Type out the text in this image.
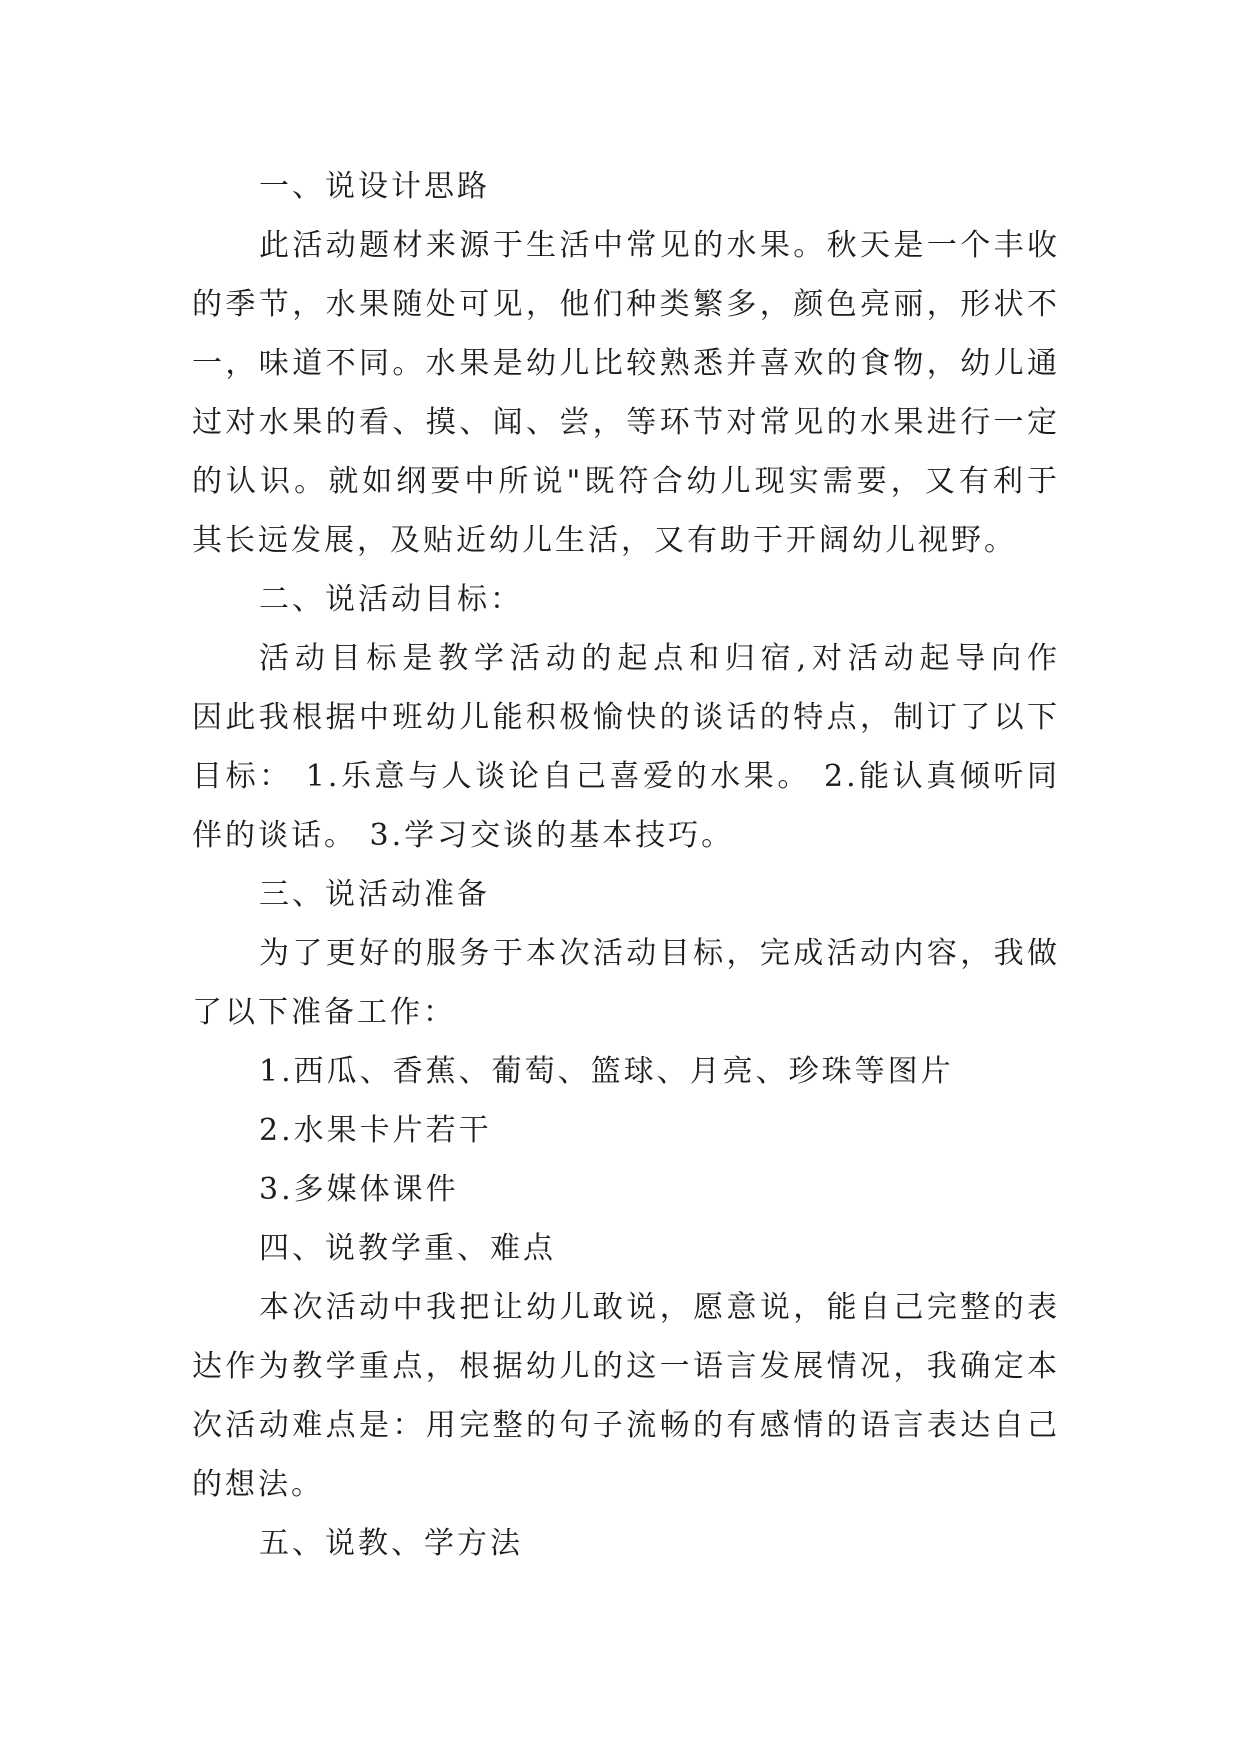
一、说设计思路
此活动题材来源于生活中常见的水果。秋天是一个丰收
的季节，水果随处可见，他们种类繁多，颜色亮丽，形状不
一，味道不同。水果是幼儿比较熟悉并喜欢的食物，幼儿通
过对水果的看、摸、闻、尝，等环节对常见的水果进行一定
的认识。就如纲要中所说"既符合幼儿现实需要，又有利于
其长远发展，及贴近幼儿生活，又有助于开阔幼儿视野。
二、说活动目标：
活动目标是教学活动的起点和归宿,对活动起导向作
因此我根据中班幼儿能积极愉快的谈话的特点，制订了以下
目标： 1.乐意与人谈论自己喜爱的水果。 2.能认真倾听同
伴的谈话。 3.学习交谈的基本技巧。
三、说活动准备
为了更好的服务于本次活动目标，完成活动内容，我做
了以下准备工作：
1.西瓜、香蕉、葡萄、篮球、月亮、珍珠等图片
2.水果卡片若干
3.多媒体课件
四、说教学重、难点
本次活动中我把让幼儿敢说，愿意说，能自己完整的表
达作为教学重点，根据幼儿的这一语言发展情况，我确定本
次活动难点是：用完整的句子流畅的有感情的语言表达自己
的想法。
五、说教、学方法
